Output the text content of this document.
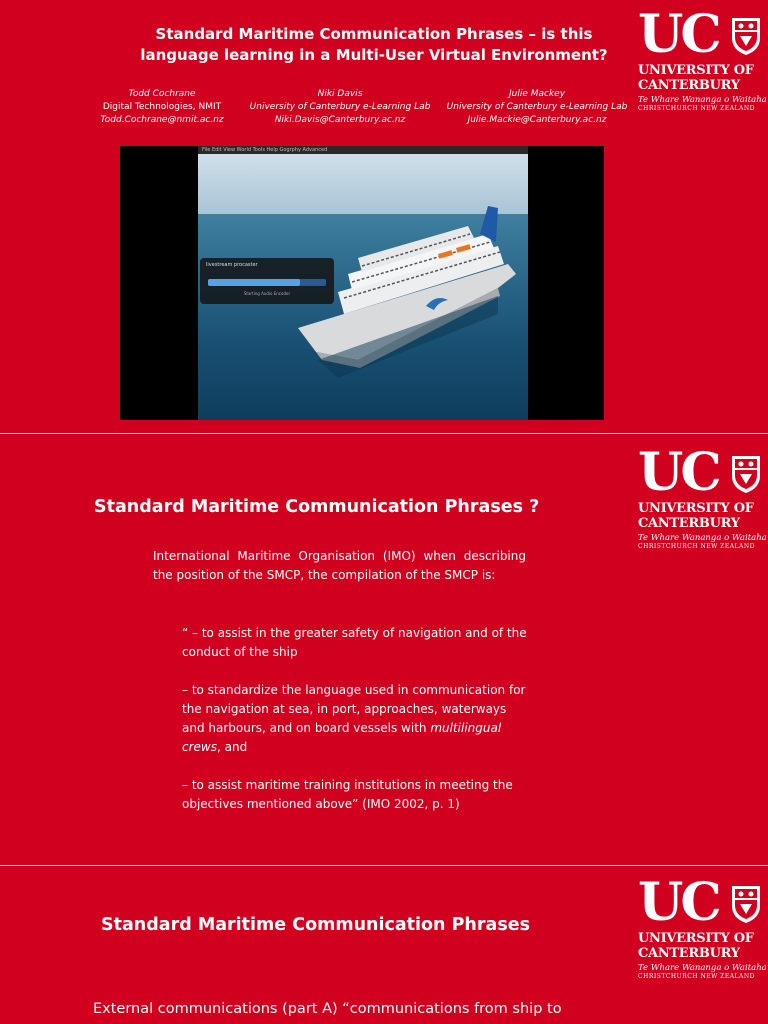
Standard Maritime Communication Phrases – is this
language learning in a Multi-User Virtual Environment?
Todd Cochrane
Digital Technologies, NMIT
Todd.Cochrane@nmit.ac.nz
Niki Davis
University of Canterbury e-Learning Lab
Niki.Davis@Canterbury.ac.nz
Julie Mackey
University of Canterbury e-Learning Lab
Julie.Mackie@Canterbury.ac.nz
File Edit View World Tools Help Gogrphy Advanced
livestream procaster
Starting Audio Encoder
UC
UNIVERSITY OF
CANTERBURY
Te Whare Wananga o Waitaha
CHRISTCHURCH NEW ZEALAND
Standard Maritime Communication Phrases ?
International Maritime Organisation (IMO) when describing the position of the SMCP, the compilation of the SMCP is:

“ – to assist in the greater safety of navigation and of the conduct of the ship

– to standardize the language used in communication for the navigation at sea, in port, approaches, waterways and harbours, and on board vessels with multilingual crews, and

– to assist maritime training institutions in meeting the objectives mentioned above” (IMO 2002, p. 1)

UC
UNIVERSITY OF
CANTERBURY
Te Whare Wananga o Waitaha
CHRISTCHURCH NEW ZEALAND
Standard Maritime Communication Phrases
External communications (part A) “communications from ship to
UC
UNIVERSITY OF
CANTERBURY
Te Whare Wananga o Waitaha
CHRISTCHURCH NEW ZEALAND
